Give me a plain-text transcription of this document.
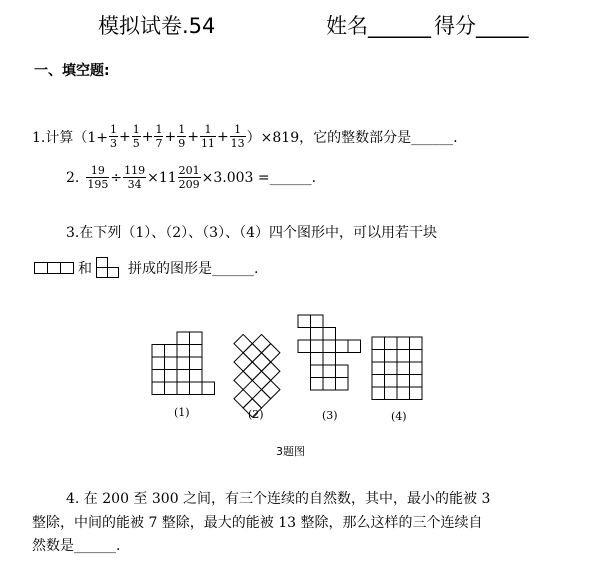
模拟试卷.54	姓名______ 得分_____
一、填空题:
1.计算$(1+ \frac{1}{3} + \frac{1}{5} + \frac{1}{7} + \frac{1}{9} + \frac{1}{11} + \frac{1}{13} )\times 819$，它的整数部分是______.
2. $\frac{19}{195} \div \frac{119}{34} \times 11 \frac{201}{209} \times 3.003$ =______.
3.在下列（1）、（2）、（3）、（4）四个图形中，可以用若干块
和	拼成的图形是______.
(1)	(2)	(3)	(4)
3题图
4. 在 200 至 300 之间，有三个连续的自然数，其中，最小的能被 3
整除，中间的能被 7 整除，最大的能被 13 整除，那么这样的三个连续自
然数是______.
